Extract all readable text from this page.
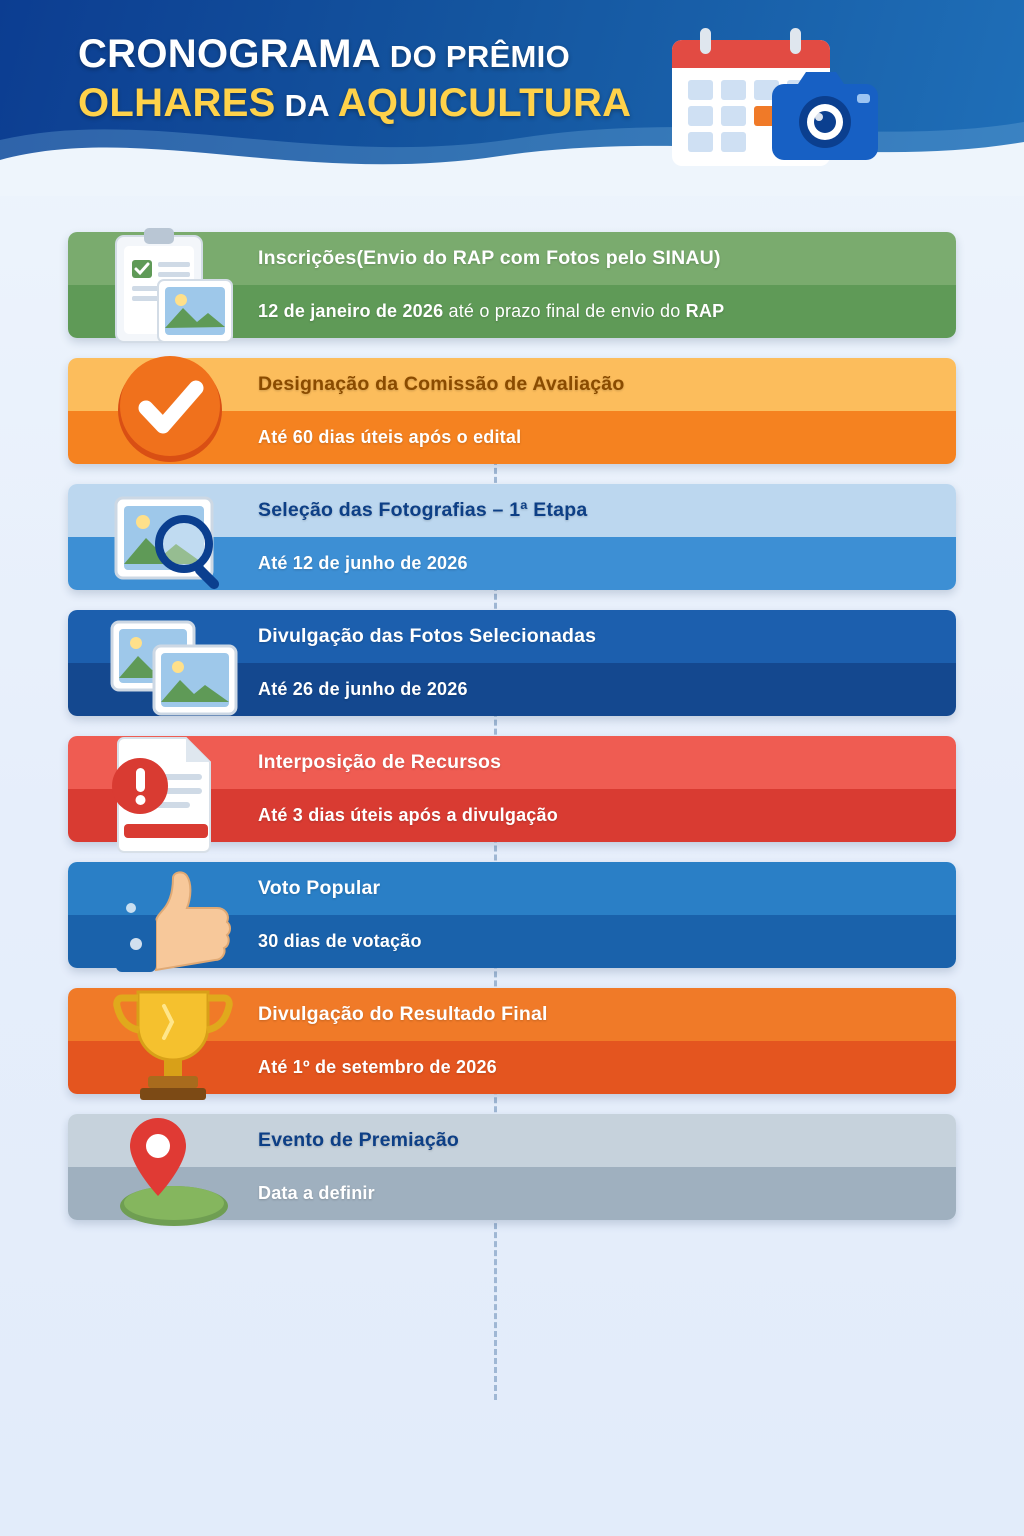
CRONOGRAMA DO PRÊMIO
OLHARES DA AQUICULTURA
Inscrições (Envio do RAP com Fotos pelo SINAU)
12 de janeiro de 2026 até o prazo final de envio do RAP
Designação da Comissão de Avaliação
Até 60 dias úteis após o edital
Seleção das Fotografias – 1ª Etapa
Até 12 de junho de 2026
Divulgação das Fotos Selecionadas
Até 26 de junho de 2026
Interposição de Recursos
Até 3 dias úteis após a divulgação
Voto Popular
30 dias de votação
Divulgação do Resultado Final
Até 1º de setembro de 2026
Evento de Premiação
Data a definir
